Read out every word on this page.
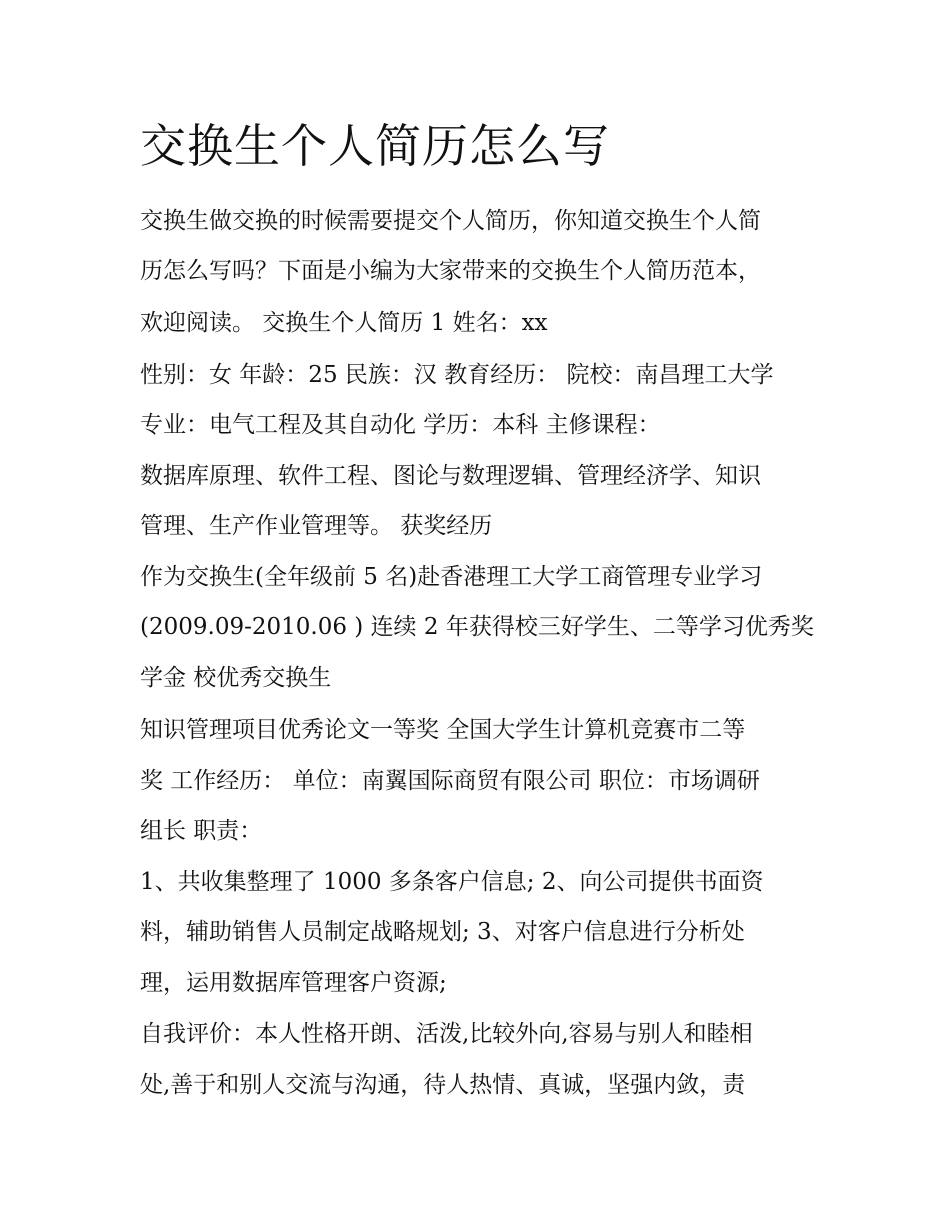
交换生个人简历怎么写

交换生做交换的时候需要提交个人简历，你知道交换生个人简

历怎么写吗？下面是小编为大家带来的交换生个人简历范本，

欢迎阅读。 交换生个人简历 1 姓名：xx

性别：女 年龄：25 民族：汉 教育经历： 院校：南昌理工大学

专业：电气工程及其自动化 学历：本科 主修课程：

数据库原理、软件工程、图论与数理逻辑、管理经济学、知识

管理、生产作业管理等。 获奖经历

作为交换生(全年级前 5 名)赴香港理工大学工商管理专业学习

(2009.09-2010.06 ) 连续 2 年获得校三好学生、二等学习优秀奖

学金 校优秀交换生

知识管理项目优秀论文一等奖 全国大学生计算机竞赛市二等

奖 工作经历： 单位：南翼国际商贸有限公司 职位：市场调研

组长 职责：

1、共收集整理了 1000 多条客户信息; 2、向公司提供书面资

料，辅助销售人员制定战略规划; 3、对客户信息进行分析处

理，运用数据库管理客户资源;

自我评价：本人性格开朗、活泼,比较外向,容易与别人和睦相

处,善于和别人交流与沟通，待人热情、真诚，坚强内敛，责
